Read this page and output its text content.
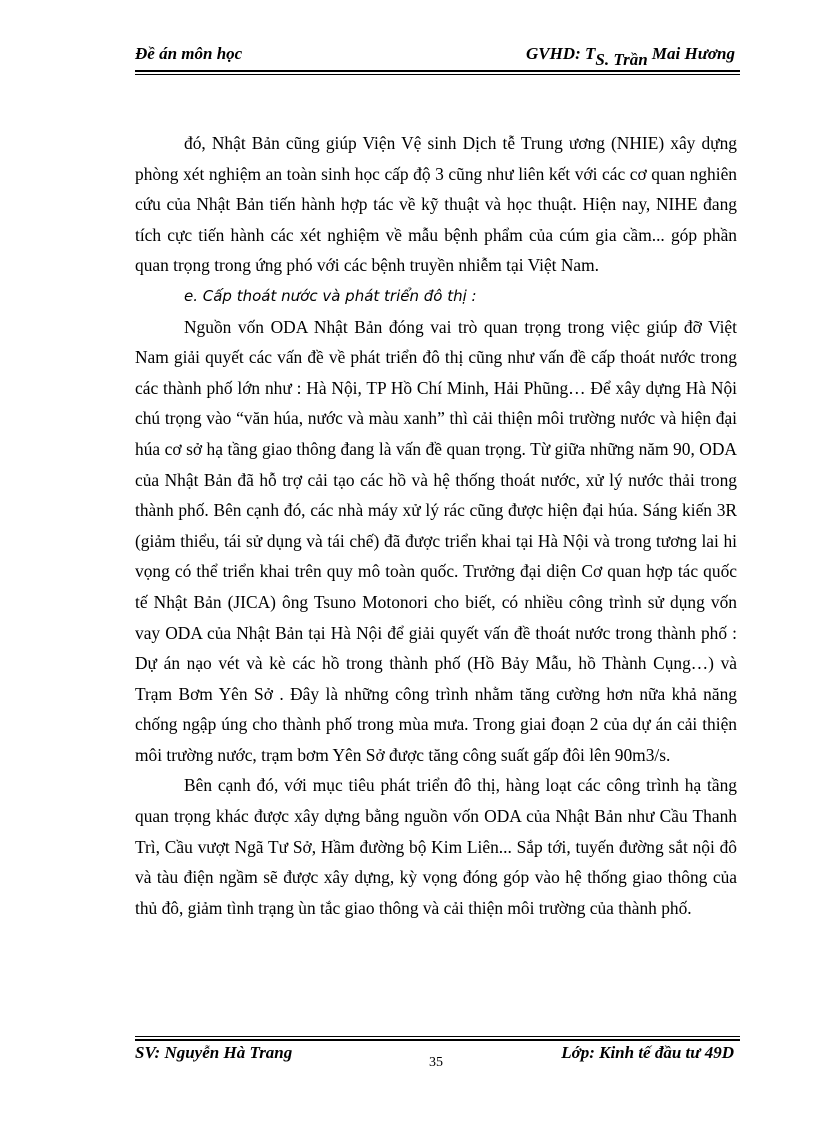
Đề án môn học	GVHD: TS. Trần Mai Hương

đó, Nhật Bản cũng giúp Viện Vệ sinh Dịch tễ Trung ương (NHIE) xây dựng phòng xét nghiệm an toàn sinh học cấp độ 3 cũng như liên kết với các cơ quan nghiên cứu của Nhật Bản tiến hành hợp tác về kỹ thuật và học thuật. Hiện nay, NIHE đang tích cực tiến hành các xét nghiệm về mẫu bệnh phẩm của cúm gia cầm... góp phần quan trọng trong ứng phó với các bệnh truyền nhiễm tại Việt Nam.

e. Cấp thoát nước và phát triển đô thị :

Nguồn vốn ODA Nhật Bản đóng vai trò quan trọng trong việc giúp đỡ Việt Nam giải quyết các vấn đề về phát triển đô thị cũng như vấn đề cấp thoát nước trong các thành phố lớn như : Hà Nội, TP Hồ Chí Minh, Hải Phũng… Để xây dựng Hà Nội chú trọng vào “văn húa, nước và màu xanh” thì cải thiện môi trường nước và hiện đại húa cơ sở hạ tầng giao thông đang là vấn đề quan trọng. Từ giữa những năm 90, ODA của Nhật Bản đã hỗ trợ cải tạo các hồ và hệ thống thoát nước, xử lý nước thải trong thành phố. Bên cạnh đó, các nhà máy xử lý rác cũng được hiện đại húa. Sáng kiến 3R (giảm thiểu, tái sử dụng và tái chế) đã được triển khai tại Hà Nội và trong tương lai hi vọng có thể triển khai trên quy mô toàn quốc. Trưởng đại diện Cơ quan hợp tác quốc tế Nhật Bản (JICA) ông Tsuno Motonori cho biết, có nhiều công trình sử dụng vốn vay ODA của Nhật Bản tại Hà Nội để giải quyết vấn đề thoát nước trong thành phố : Dự án nạo vét và kè các hồ trong thành phố (Hồ Bảy Mẫu, hồ Thành Cụng…) và Trạm Bơm Yên Sở . Đây là những công trình nhằm tăng cường hơn nữa khả năng chống ngập úng cho thành phố trong mùa mưa. Trong giai đoạn 2 của dự án cải thiện môi trường nước, trạm bơm Yên Sở được tăng công suất gấp đôi lên 90m3/s.

Bên cạnh đó, với mục tiêu phát triển đô thị, hàng loạt các công trình hạ tầng quan trọng khác được xây dựng bằng nguồn vốn ODA của Nhật Bản như Cầu Thanh Trì, Cầu vượt Ngã Tư Sở, Hầm đường bộ Kim Liên... Sắp tới, tuyến đường sắt nội đô và tàu điện ngầm sẽ được xây dựng, kỳ vọng đóng góp vào hệ thống giao thông của thủ đô, giảm tình trạng ùn tắc giao thông và cải thiện môi trường của thành phố.

SV: Nguyễn Hà Trang	Lớp: Kinh tế đầu tư 49D
35
